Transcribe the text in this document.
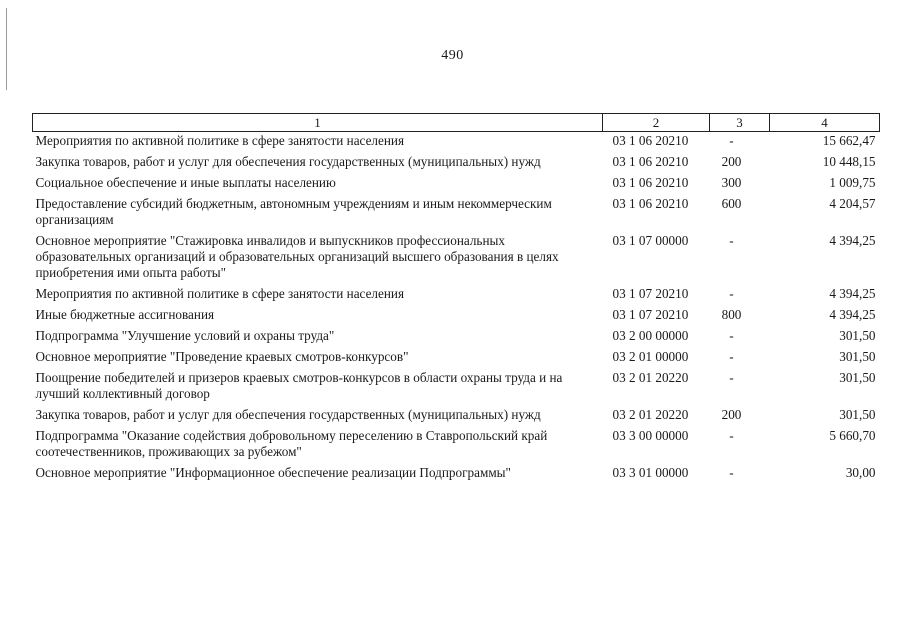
490
1	2	3	4
Мероприятия по активной политике в сфере занятости населения	03 1 06 20210	-	15 662,47
Закупка товаров, работ и услуг для обеспечения государственных (муниципальных) нужд	03 1 06 20210	200	10 448,15
Социальное обеспечение и иные выплаты населению	03 1 06 20210	300	1 009,75
Предоставление субсидий бюджетным, автономным учреждениям и иным некоммерческим организациям	03 1 06 20210	600	4 204,57
Основное мероприятие "Стажировка инвалидов и выпускников профессиональных образовательных организаций и образовательных организаций высшего образования в целях приобретения ими опыта работы"	03 1 07 00000	-	4 394,25
Мероприятия по активной политике в сфере занятости населения	03 1 07 20210	-	4 394,25
Иные бюджетные ассигнования	03 1 07 20210	800	4 394,25
Подпрограмма "Улучшение условий и охраны труда"	03 2 00 00000	-	301,50
Основное мероприятие "Проведение краевых смотров-конкурсов"	03 2 01 00000	-	301,50
Поощрение победителей и призеров краевых смотров-конкурсов в области охраны труда и на лучший коллективный договор	03 2 01 20220	-	301,50
Закупка товаров, работ и услуг для обеспечения государственных (муниципальных) нужд	03 2 01 20220	200	301,50
Подпрограмма "Оказание содействия добровольному переселению в Ставропольский край соотечественников, проживающих за рубежом"	03 3 00 00000	-	5 660,70
Основное мероприятие "Информационное обеспечение реализации Подпрограммы"	03 3 01 00000	-	30,00
